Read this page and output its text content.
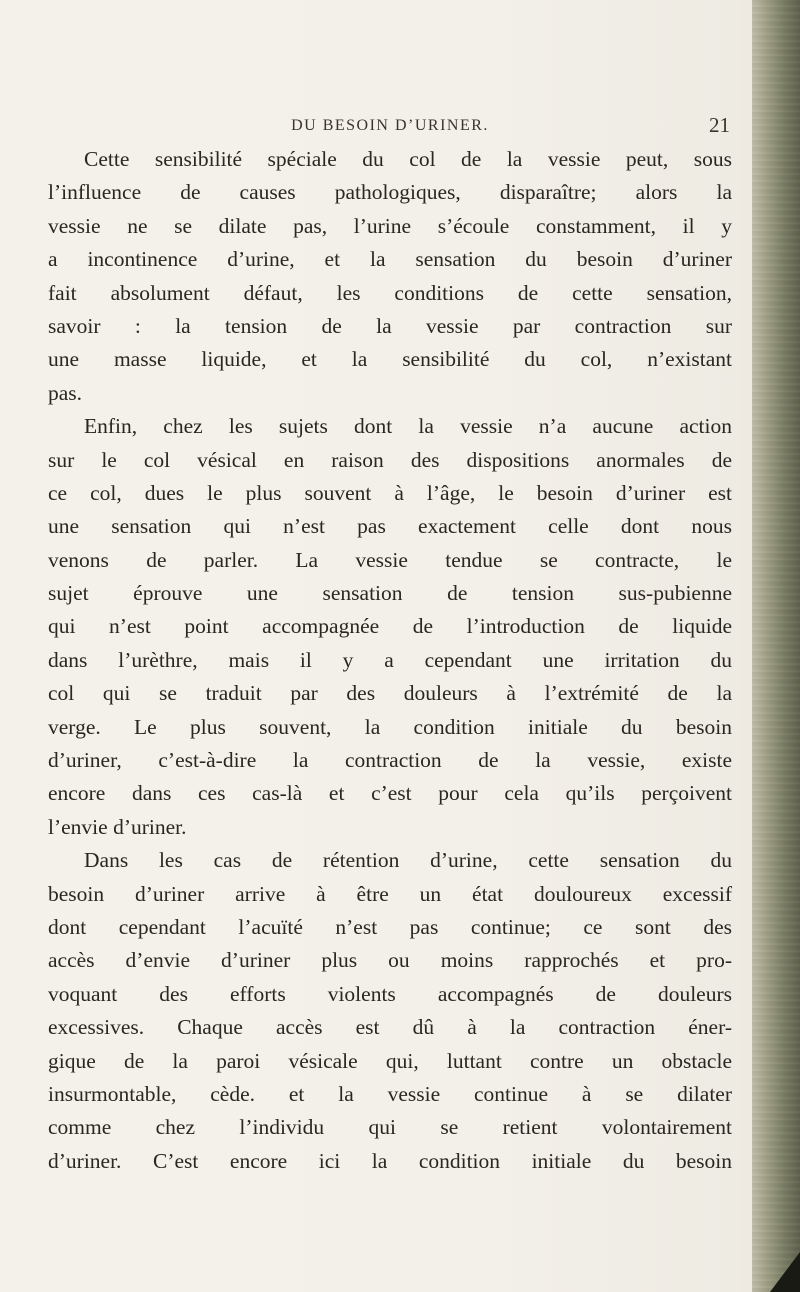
DU BESOIN D’URINER.	21
Cette sensibilité spéciale du col de la vessie peut, sous
l’influence de causes pathologiques, disparaître; alors la
vessie ne se dilate pas, l’urine s’écoule constamment, il y
a incontinence d’urine, et la sensation du besoin d’uriner
fait absolument défaut, les conditions de cette sensation,
savoir : la tension de la vessie par contraction sur
une masse liquide, et la sensibilité du col, n’existant
pas.
Enfin, chez les sujets dont la vessie n’a aucune action
sur le col vésical en raison des dispositions anormales de
ce col, dues le plus souvent à l’âge, le besoin d’uriner est
une sensation qui n’est pas exactement celle dont nous
venons de parler. La vessie tendue se contracte, le
sujet éprouve une sensation de tension sus-pubienne
qui n’est point accompagnée de l’introduction de liquide
dans l’urèthre, mais il y a cependant une irritation du
col qui se traduit par des douleurs à l’extrémité de la
verge. Le plus souvent, la condition initiale du besoin
d’uriner, c’est-à-dire la contraction de la vessie, existe
encore dans ces cas-là et c’est pour cela qu’ils perçoivent
l’envie d’uriner.
Dans les cas de rétention d’urine, cette sensation du
besoin d’uriner arrive à être un état douloureux excessif
dont cependant l’acuïté n’est pas continue; ce sont des
accès d’envie d’uriner plus ou moins rapprochés et pro-
voquant des efforts violents accompagnés de douleurs
excessives. Chaque accès est dû à la contraction éner-
gique de la paroi vésicale qui, luttant contre un obstacle
insurmontable, cède. et la vessie continue à se dilater
comme chez l’individu qui se retient volontairement
d’uriner. C’est encore ici la condition initiale du besoin
